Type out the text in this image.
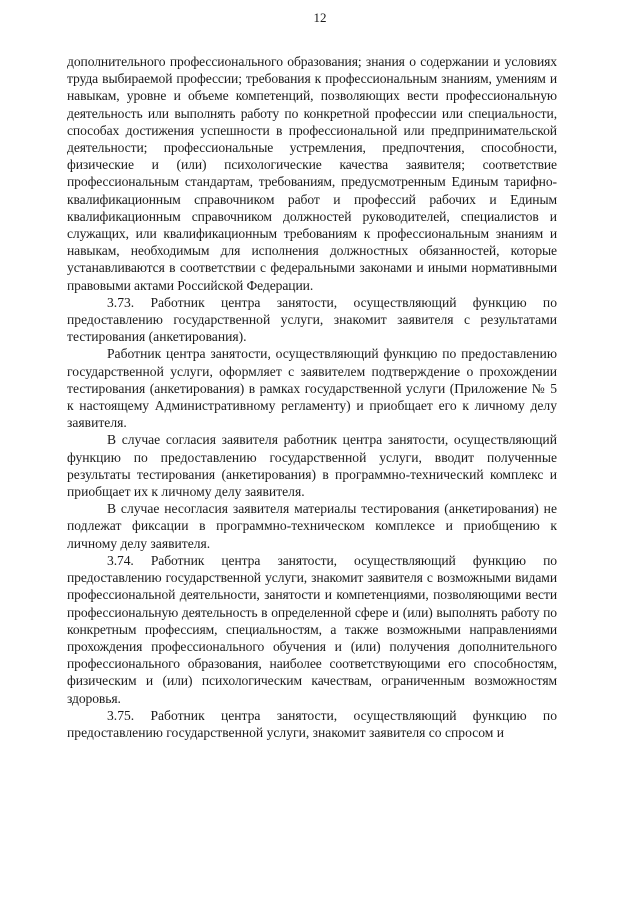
12

дополнительного профессионального образования; знания о содержании и условиях труда выбираемой профессии; требования к профессиональным знаниям, умениям и навыкам, уровне и объеме компетенций, позволяющих вести профессиональную деятельность или выполнять работу по конкретной профессии или специальности, способах достижения успешности в профессиональной или предпринимательской деятельности; профессиональные устремления, предпочтения, способности, физические и (или) психологические качества заявителя; соответствие профессиональным стандартам, требованиям, предусмотренным Единым тарифно-квалификационным справочником работ и профессий рабочих и Единым квалификационным справочником должностей руководителей, специалистов и служащих, или квалификационным требованиям к профессиональным знаниям и навыкам, необходимым для исполнения должностных обязанностей, которые устанавливаются в соответствии с федеральными законами и иными нормативными правовыми актами Российской Федерации.

3.73. Работник центра занятости, осуществляющий функцию по предоставлению государственной услуги, знакомит заявителя с результатами тестирования (анкетирования).

Работник центра занятости, осуществляющий функцию по предоставлению государственной услуги, оформляет с заявителем подтверждение о прохождении тестирования (анкетирования) в рамках государственной услуги (Приложение № 5 к настоящему Административному регламенту) и приобщает его к личному делу заявителя.

В случае согласия заявителя работник центра занятости, осуществляющий функцию по предоставлению государственной услуги, вводит полученные результаты тестирования (анкетирования) в программно-технический комплекс и приобщает их к личному делу заявителя.

В случае несогласия заявителя материалы тестирования (анкетирования) не подлежат фиксации в программно-техническом комплексе и приобщению к личному делу заявителя.

3.74. Работник центра занятости, осуществляющий функцию по предоставлению государственной услуги, знакомит заявителя с возможными видами профессиональной деятельности, занятости и компетенциями, позволяющими вести профессиональную деятельность в определенной сфере и (или) выполнять работу по конкретным профессиям, специальностям, а также возможными направлениями прохождения профессионального обучения и (или) получения дополнительного профессионального образования, наиболее соответствующими его способностям, физическим и (или) психологическим качествам, ограниченным возможностям здоровья.

3.75. Работник центра занятости, осуществляющий функцию по предоставлению государственной услуги, знакомит заявителя со спросом и
